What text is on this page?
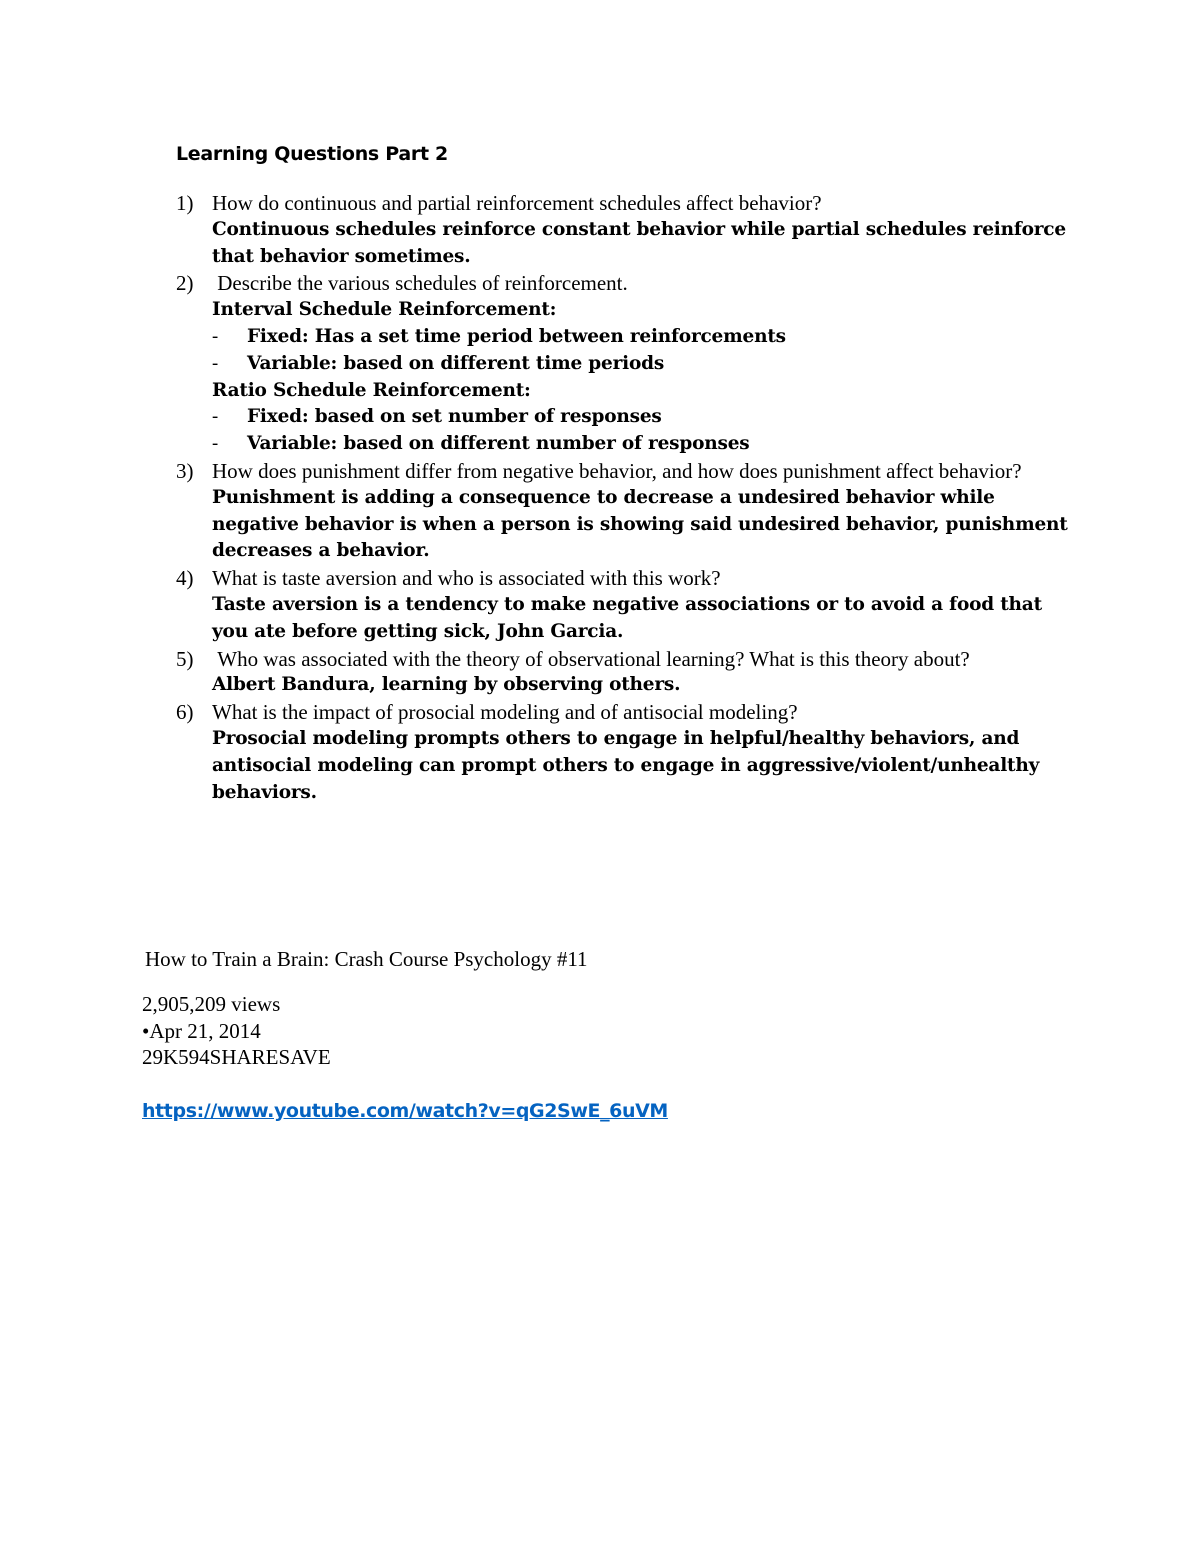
Learning Questions Part 2
1) How do continuous and partial reinforcement schedules affect behavior?
Continuous schedules reinforce constant behavior while partial schedules reinforce that behavior sometimes.
2) Describe the various schedules of reinforcement.
Interval Schedule Reinforcement:
- Fixed: Has a set time period between reinforcements
- Variable: based on different time periods
Ratio Schedule Reinforcement:
- Fixed: based on set number of responses
- Variable: based on different number of responses
3) How does punishment differ from negative behavior, and how does punishment affect behavior?
Punishment is adding a consequence to decrease a undesired behavior while negative behavior is when a person is showing said undesired behavior, punishment decreases a behavior.
4) What is taste aversion and who is associated with this work?
Taste aversion is a tendency to make negative associations or to avoid a food that you ate before getting sick, John Garcia.
5) Who was associated with the theory of observational learning? What is this theory about?
Albert Bandura, learning by observing others.
6) What is the impact of prosocial modeling and of antisocial modeling?
Prosocial modeling prompts others to engage in helpful/healthy behaviors, and antisocial modeling can prompt others to engage in aggressive/violent/unhealthy behaviors.
How to Train a Brain: Crash Course Psychology #11
2,905,209 views
•Apr 21, 2014
29K594SHARESAVE
https://www.youtube.com/watch?v=qG2SwE_6uVM
